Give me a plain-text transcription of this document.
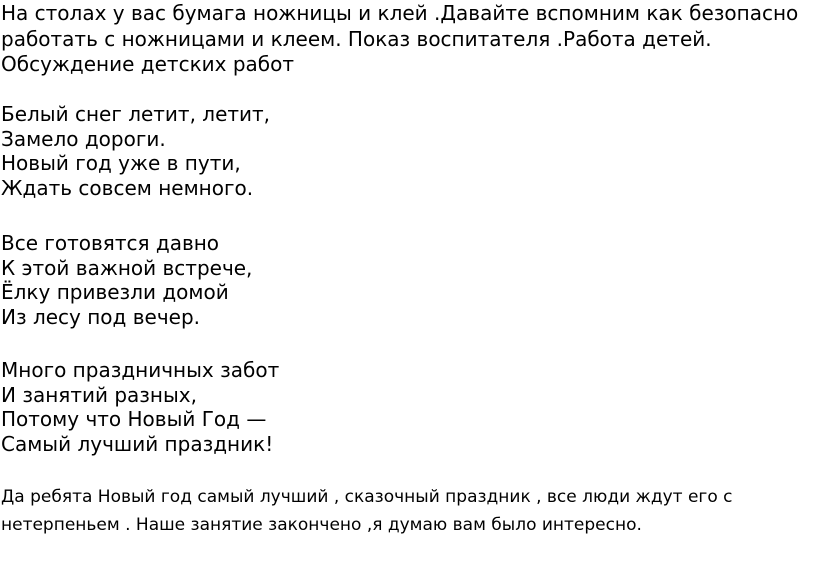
На столах у вас бумага ножницы и клей .Давайте вспомним как безопасно работать с ножницами и клеем. Показ воспитателя .Работа детей. Обсуждение детских работ

Белый снег летит, летит,
Замело дороги.
Новый год уже в пути,
Ждать совсем немного.
Все готовятся давно
К этой важной встрече,
Ёлку привезли домой
Из лесу под вечер.
Много праздничных забот
И занятий разных,
Потому что Новый Год —
Самый лучший праздник!

Да ребята Новый год самый лучший , сказочный праздник , все люди ждут его с нетерпеньем . Наше занятие закончено ,я думаю вам было интересно.
